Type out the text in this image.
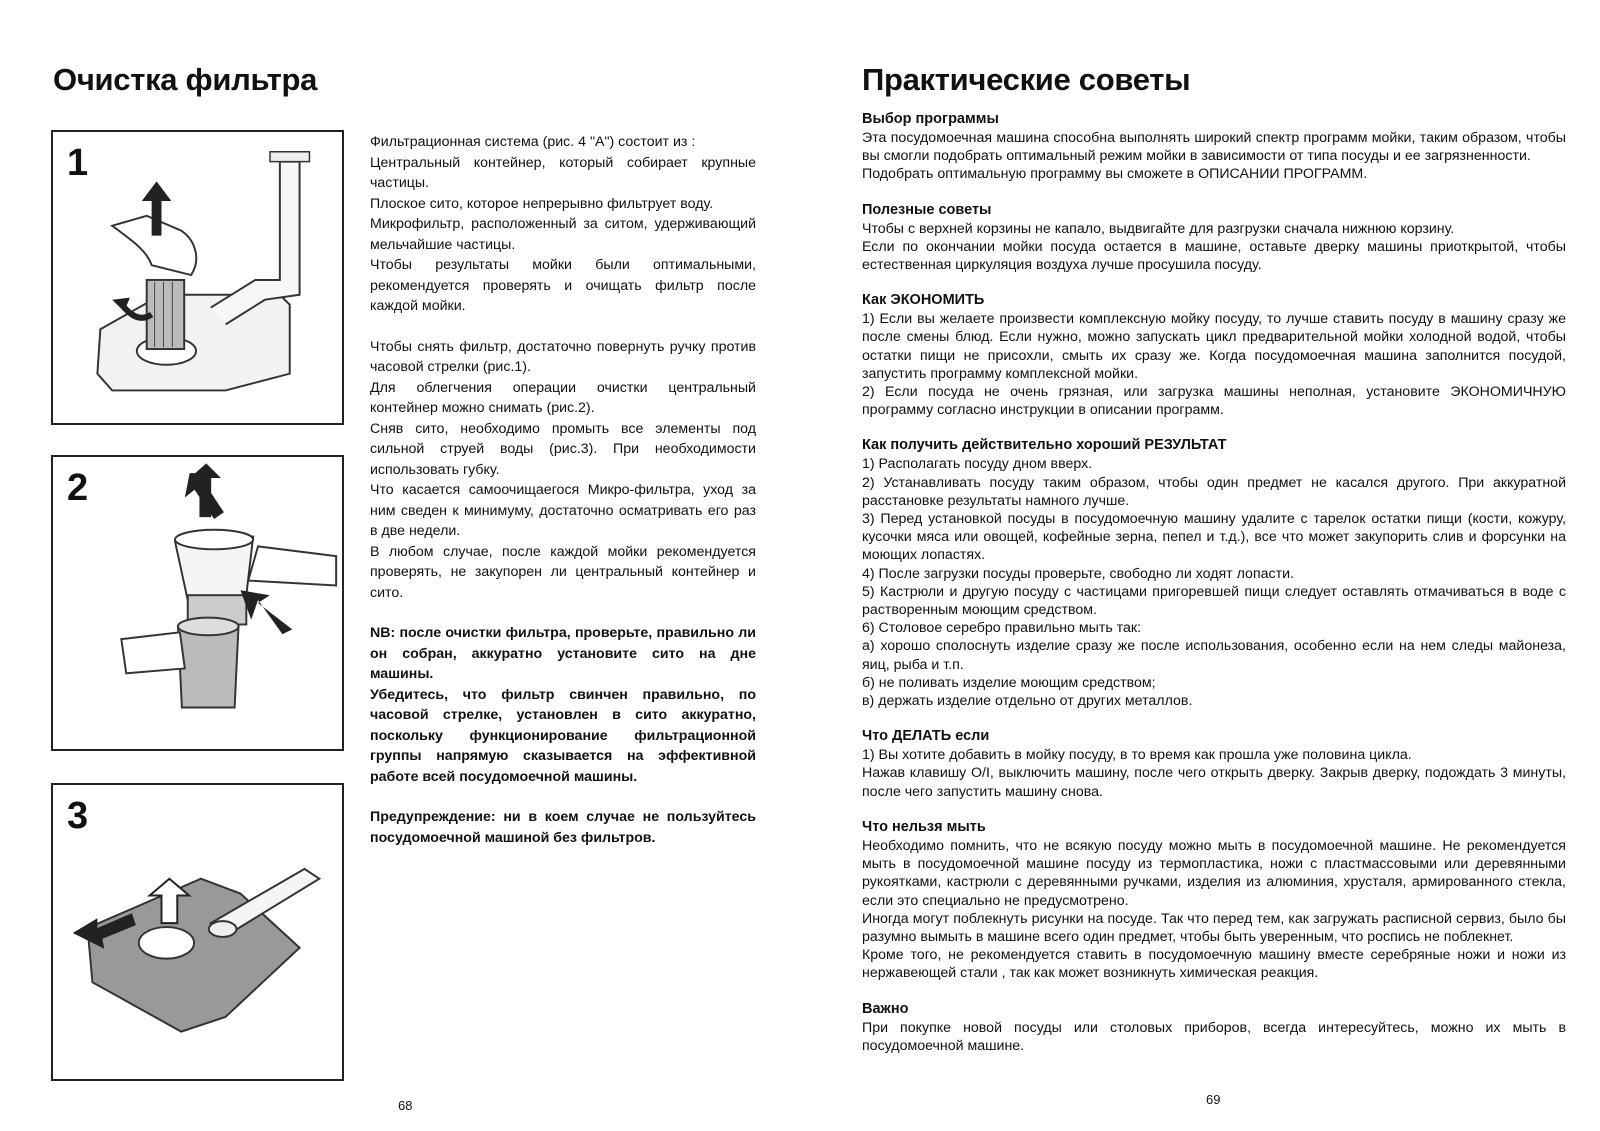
Очистка фильтра
1
2
3

Фильтрационная система (рис. 4 "А") состоит из :

Центральный контейнер, который собирает крупные частицы.

Плоское сито, которое непрерывно фильтрует воду.

Микрофильтр, расположенный за ситом, удерживающий мельчайшие частицы.

Чтобы результаты мойки были оптимальными, рекомендуется проверять и очищать фильтр после каждой мойки.

Чтобы снять фильтр, достаточно повернуть ручку против часовой стрелки (рис.1).

Для облегчения операции очистки центральный контейнер можно снимать (рис.2).

Сняв сито, необходимо промыть все элементы под сильной струей воды (рис.3). При необходимости использовать губку.

Что касается самоочищаегося Микро-фильтра, уход за ним сведен к минимуму, достаточно осматривать его раз в две недели.

В любом случае, после каждой мойки рекомендуется проверять, не закупорен ли центральный контейнер и сито.

NB: после очистки фильтра, проверьте, правильно ли он собран, аккуратно установите сито на дне машины.

Убедитесь, что фильтр свинчен правильно, по часовой стрелке, установлен в сито аккуратно, поскольку функционирование фильтрационной группы напрямую сказывается на эффективной работе всей посудомоечной машины.

Предупреждение: ни в коем случае не пользуйтесь посудомоечной машиной без фильтров.

68
Практические советы
Выбор программы

Эта посудомоечная машина способна выполнять широкий спектр программ мойки, таким образом, чтобы вы смогли подобрать оптимальный режим мойки в зависимости от типа посуды и ее загрязненности.

Подобрать оптимальную программу вы сможете в ОПИСАНИИ ПРОГРАММ.

Полезные советы

Чтобы с верхней корзины не капало, выдвигайте для разгрузки сначала нижнюю корзину.

Если по окончании мойки посуда остается в машине, оставьте дверку машины приоткрытой, чтобы естественная циркуляция воздуха лучше просушила посуду.

Как ЭКОНОМИТЬ

1) Если вы желаете произвести комплексную мойку посуду, то лучше ставить посуду в машину сразу же после смены блюд. Если нужно, можно запускать цикл предварительной мойки холодной водой, чтобы остатки пищи не присохли, смыть их сразу же. Когда посудомоечная машина заполнится посудой, запустить программу комплексной мойки.

2) Если посуда не очень грязная, или загрузка машины неполная, установите ЭКОНОМИЧНУЮ программу согласно инструкции в описании программ.

Как получить действительно хороший РЕЗУЛЬТАТ

1) Располагать посуду дном вверх.

2) Устанавливать посуду таким образом, чтобы один предмет не касался другого. При аккуратной расстановке результаты намного лучше.

3) Перед установкой посуды в посудомоечную машину удалите с тарелок остатки пищи (кости, кожуру, кусочки мяса или овощей, кофейные зерна, пепел и т.д.), все что может закупорить слив и форсунки на моющих лопастях.

4) После загрузки посуды проверьте, свободно ли ходят лопасти.

5) Кастрюли и другую посуду с частицами пригоревшей пищи следует оставлять отмачиваться в воде с растворенным моющим средством.

6) Столовое серебро правильно мыть так:

а) хорошо сполоснуть изделие сразу же после использования, особенно если на нем следы майонеза, яиц, рыба и т.п.

б) не поливать изделие моющим средством;

в) держать изделие отдельно от других металлов.

Что ДЕЛАТЬ если

1) Вы хотите добавить в мойку посуду, в то время как прошла уже половина цикла.

Нажав клавишу О/I, выключить машину, после чего открыть дверку. Закрыв дверку, подождать 3 минуты, после чего запустить машину снова.

Что нельзя мыть

Необходимо помнить, что не всякую посуду можно мыть в посудомоечной машине. Не рекомендуется мыть в посудомоечной машине посуду из термопластика, ножи с пластмассовыми или деревянными рукоятками, кастрюли с деревянными ручками, изделия из алюминия, хрусталя, армированного стекла, если это специально не предусмотрено.

Иногда могут поблекнуть рисунки на посуде. Так что перед тем, как загружать расписной сервиз, было бы разумно вымыть в машине всего один предмет, чтобы быть уверенным, что роспись не поблекнет.

Кроме того, не рекомендуется ставить в посудомоечную машину вместе серебряные ножи и ножи из нержавеющей стали , так как может возникнуть химическая реакция.

Важно

При покупке новой посуды или столовых приборов, всегда интересуйтесь, можно их мыть в посудомоечной машине.

69
